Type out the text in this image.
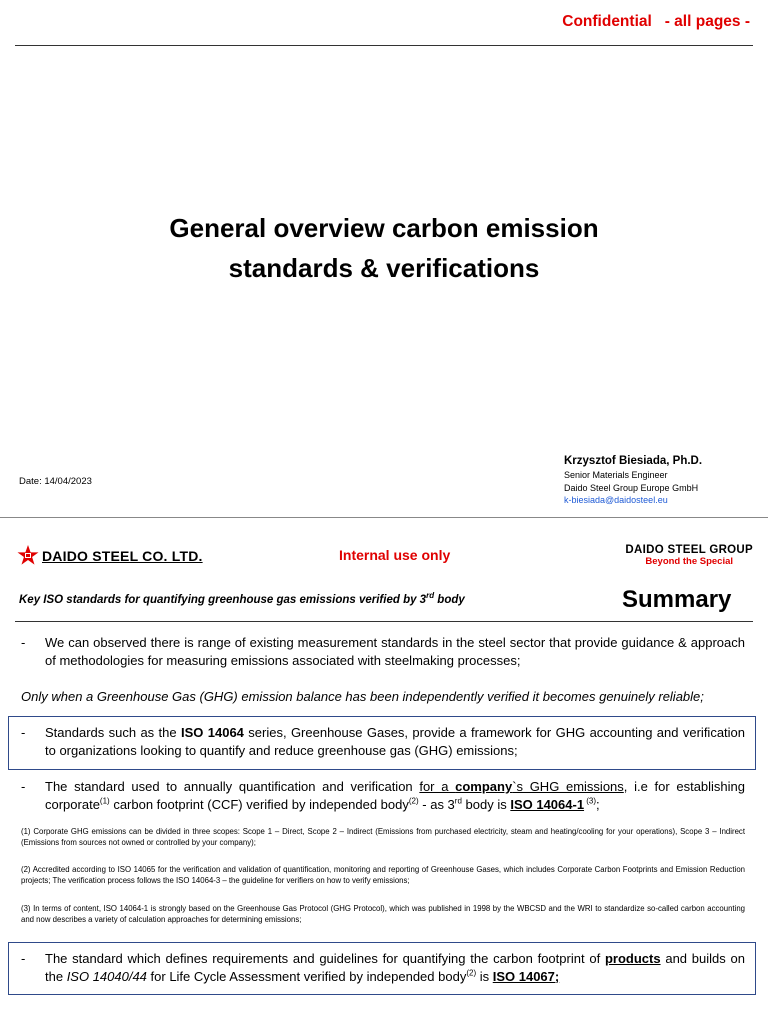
Confidential   - all pages -
General overview carbon emission
standards & verifications
Date: 14/04/2023
Krzysztof Biesiada, Ph.D.
Senior Materials Engineer
Daido Steel Group Europe GmbH
k-biesiada@daidosteel.eu
DAIDO STEEL CO. LTD.	Internal use only	DAIDO STEEL GROUP
Beyond the Special
Key ISO standards for quantifying greenhouse gas emissions verified by 3rd body	Summary
-	We can observed there is range of existing measurement standards in the steel sector that provide guidance & approach of methodologies for measuring emissions associated with steelmaking processes;
Only when a Greenhouse Gas (GHG) emission balance has been independently verified it becomes genuinely reliable;
-	Standards such as the ISO 14064 series, Greenhouse Gases, provide a framework for GHG accounting and verification to organizations looking to quantify and reduce greenhouse gas (GHG) emissions;
-	The standard used to annually quantification and verification for a company`s GHG emissions, i.e for establishing corporate$^{(1)}$ carbon footprint (CCF) verified by independed body$^{(2)}$ - as 3rd body is ISO 14064-1 $^{(3)}$;
(1) Corporate GHG emissions can be divided in three scopes: Scope 1 – Direct, Scope 2 – Indirect (Emissions from purchased electricity, steam and heating/cooling for your operations), Scope 3 – Indirect (Emissions from sources not owned or controlled by your company);
(2) Accredited according to ISO 14065 for the verification and validation of quantification, monitoring and reporting of Greenhouse Gases, which includes Corporate Carbon Footprints and Emission Reduction projects; The verification process follows the ISO 14064-3 – the guideline for verifiers on how to verify emissions;
(3) In terms of content, ISO 14064-1 is strongly based on the Greenhouse Gas Protocol (GHG Protocol), which was published in 1998 by the WBCSD and the WRI to standardize so-called carbon accounting and now describes a variety of calculation approaches for determining emissions;
-	The standard which defines requirements and guidelines for quantifying the carbon footprint of products and builds on the ISO 14040/44 for Life Cycle Assessment verified by independed body$^{(2)}$ is ISO 14067;
